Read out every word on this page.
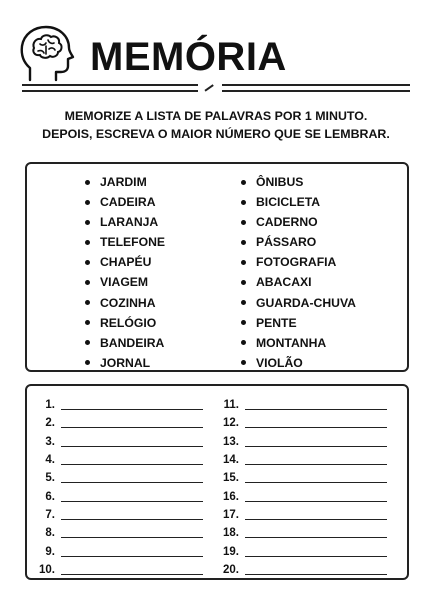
MEMÓRIA
MEMORIZE A LISTA DE PALAVRAS POR 1 MINUTO.
DEPOIS, ESCREVA O MAIOR NÚMERO QUE SE LEMBRAR.
JARDIM
CADEIRA
LARANJA
TELEFONE
CHAPÉU
VIAGEM
COZINHA
RELÓGIO
BANDEIRA
JORNAL
ÔNIBUS
BICICLETA
CADERNO
PÁSSARO
FOTOGRAFIA
ABACAXI
GUARDA-CHUVA
PENTE
MONTANHA
VIOLÃO
1.
2.
3.
4.
5.
6.
7.
8.
9.
10.
11.
12.
13.
14.
15.
16.
17.
18.
19.
20.
